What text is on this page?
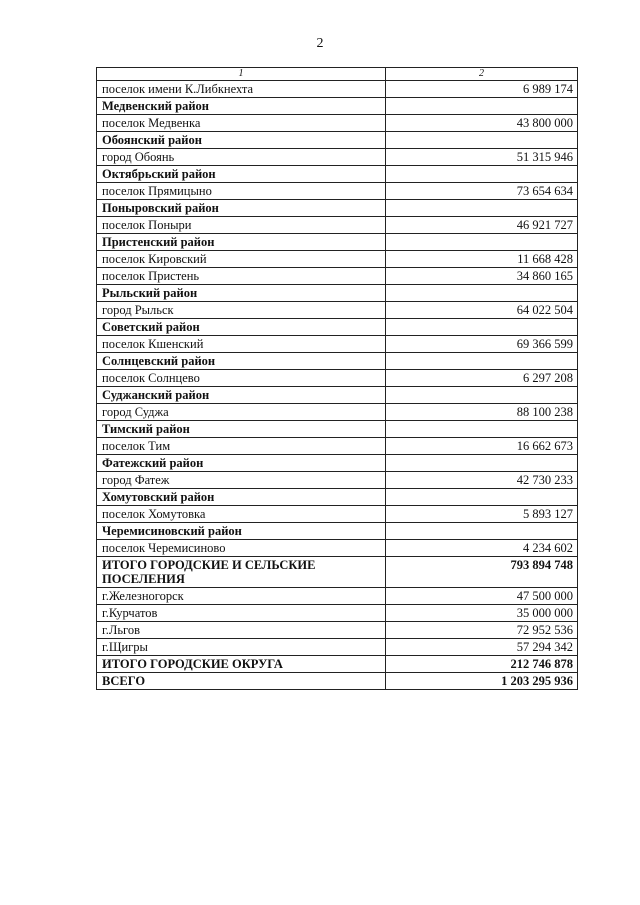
2
1	2
поселок имени К.Либкнехта	6 989 174
Медвенский район	
поселок Медвенка	43 800 000
Обоянский район	
город Обоянь	51 315 946
Октябрьский район	
поселок Прямицыно	73 654 634
Поныровский район	
поселок Поныри	46 921 727
Пристенский район	
поселок Кировский	11 668 428
поселок Пристень	34 860 165
Рыльский район	
город Рыльск	64 022 504
Советский район	
поселок Кшенский	69 366 599
Солнцевский район	
поселок Солнцево	6 297 208
Суджанский район	
город Суджа	88 100 238
Тимский район	
поселок Тим	16 662 673
Фатежский район	
город Фатеж	42 730 233
Хомутовский район	
поселок Хомутовка	5 893 127
Черемисиновский район	
поселок Черемисиново	4 234 602
ИТОГО ГОРОДСКИЕ И СЕЛЬСКИЕ ПОСЕЛЕНИЯ	793 894 748
г.Железногорск	47 500 000
г.Курчатов	35 000 000
г.Льгов	72 952 536
г.Щигры	57 294 342
ИТОГО ГОРОДСКИЕ ОКРУГА	212 746 878
ВСЕГО	1 203 295 936
